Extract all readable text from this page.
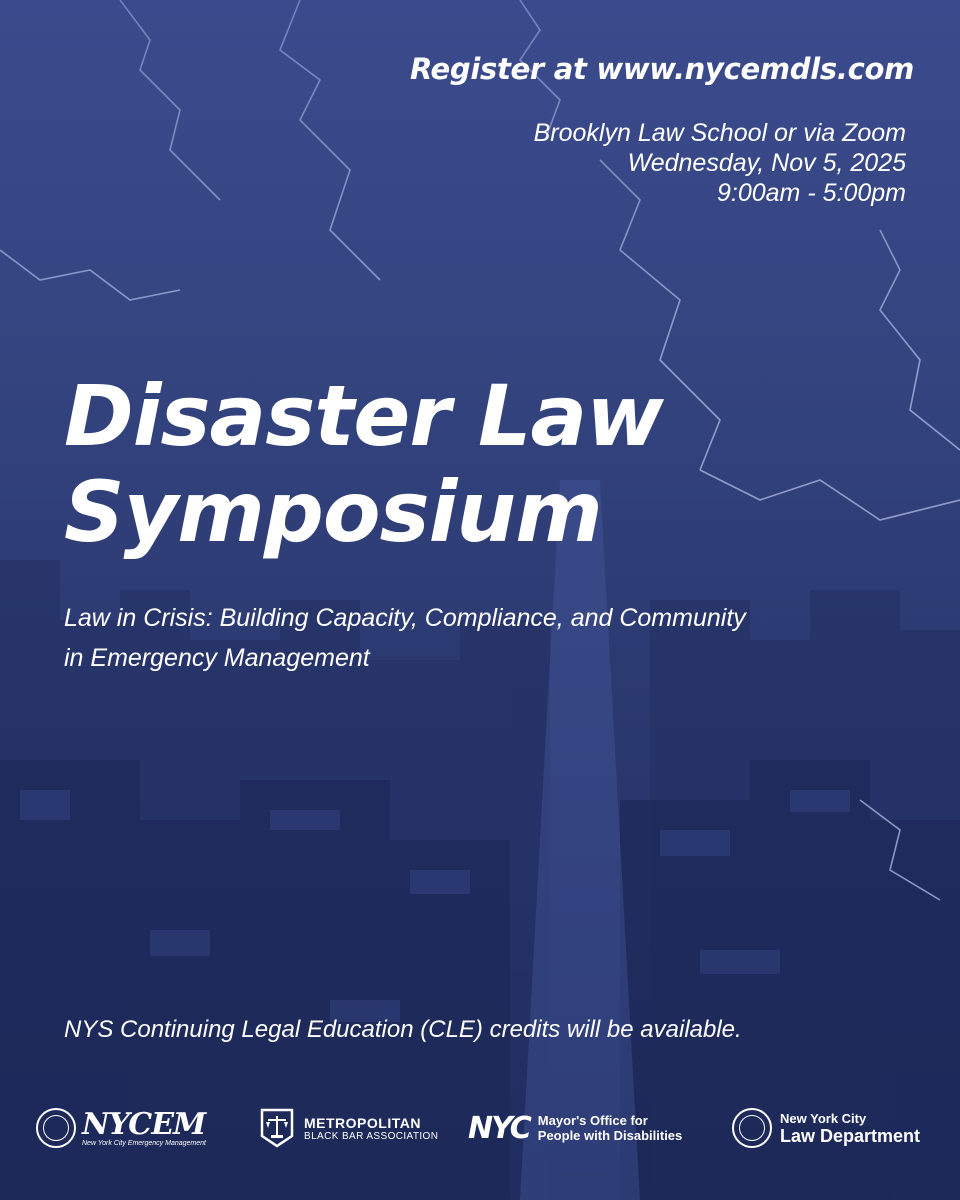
Register at www.nycemdls.com
Brooklyn Law School or via Zoom
Wednesday, Nov 5, 2025
9:00am - 5:00pm
Disaster Law
Symposium
Law in Crisis: Building Capacity, Compliance, and Community
in Emergency Management
NYS Continuing Legal Education (CLE) credits will be available.
NYCEM
New York City Emergency Management
METROPOLITAN
BLACK BAR ASSOCIATION NYC Mayor's Office for
People with Disabilities
New York City
Law Department
